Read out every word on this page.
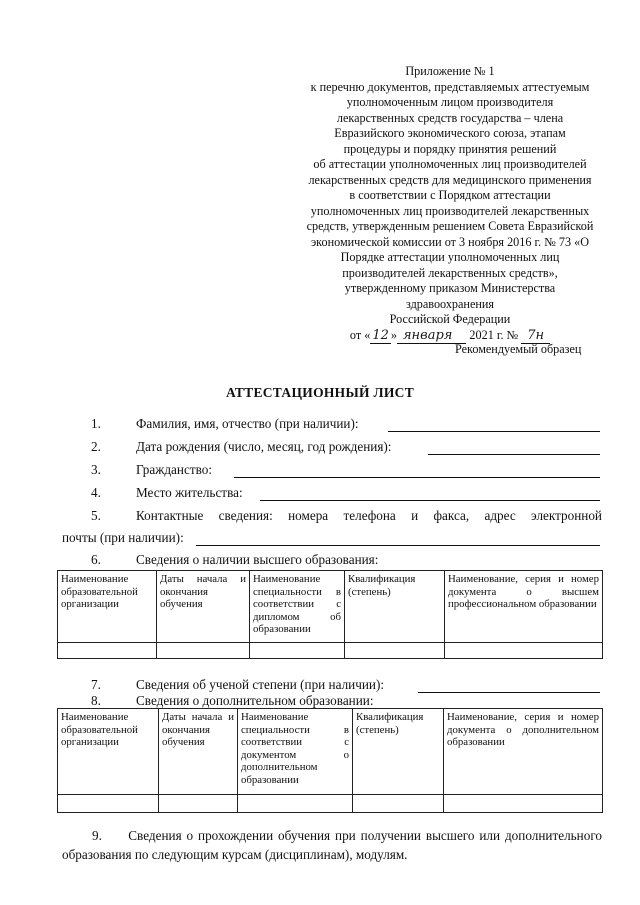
Приложение № 1
к перечню документов, представляемых аттестуемым
уполномоченным лицом производителя
лекарственных средств государства – члена
Евразийского экономического союза, этапам
процедуры и порядку принятия решений
об аттестации уполномоченных лиц производителей
лекарственных средств для медицинского применения
в соответствии с Порядком аттестации
уполномоченных лиц производителей лекарственных
средств, утвержденным решением Совета Евразийской
экономической комиссии от 3 ноября 2016 г. № 73 «О
Порядке аттестации уполномоченных лиц
производителей лекарственных средств»,
утвержденному приказом Министерства
здравоохранения
Российской Федерации
от « 12 » января 2021 г. № 7н
Рекомендуемый образец
АТТЕСТАЦИОННЫЙ ЛИСТ
1.	Фамилия, имя, отчество (при наличии):
2.	Дата рождения (число, месяц, год рождения):
3.	Гражданство:
4.	Место жительства:
5.	Контактные сведения: номера телефона и факса, адрес электронной
почты (при наличии):
6.	Сведения о наличии высшего образования:
Наименование образовательной организации	Даты начала и окончания обучения	Наименование специальности в соответствии с дипломом об образовании	Квалификация (степень)	Наименование, серия и номер документа о высшем профессиональном образовании

7.	Сведения об ученой степени (при наличии):
8.	Сведения о дополнительном образовании:
Наименование образовательной организации	Даты начала и окончания обучения	Наименование специальности в соответствии с документом о дополнительном образовании	Квалификация (степень)	Наименование, серия и номер документа о дополнительном образовании

9.   Сведения о прохождении обучения при получении высшего или дополнительного образования по следующим курсам (дисциплинам), модулям.
